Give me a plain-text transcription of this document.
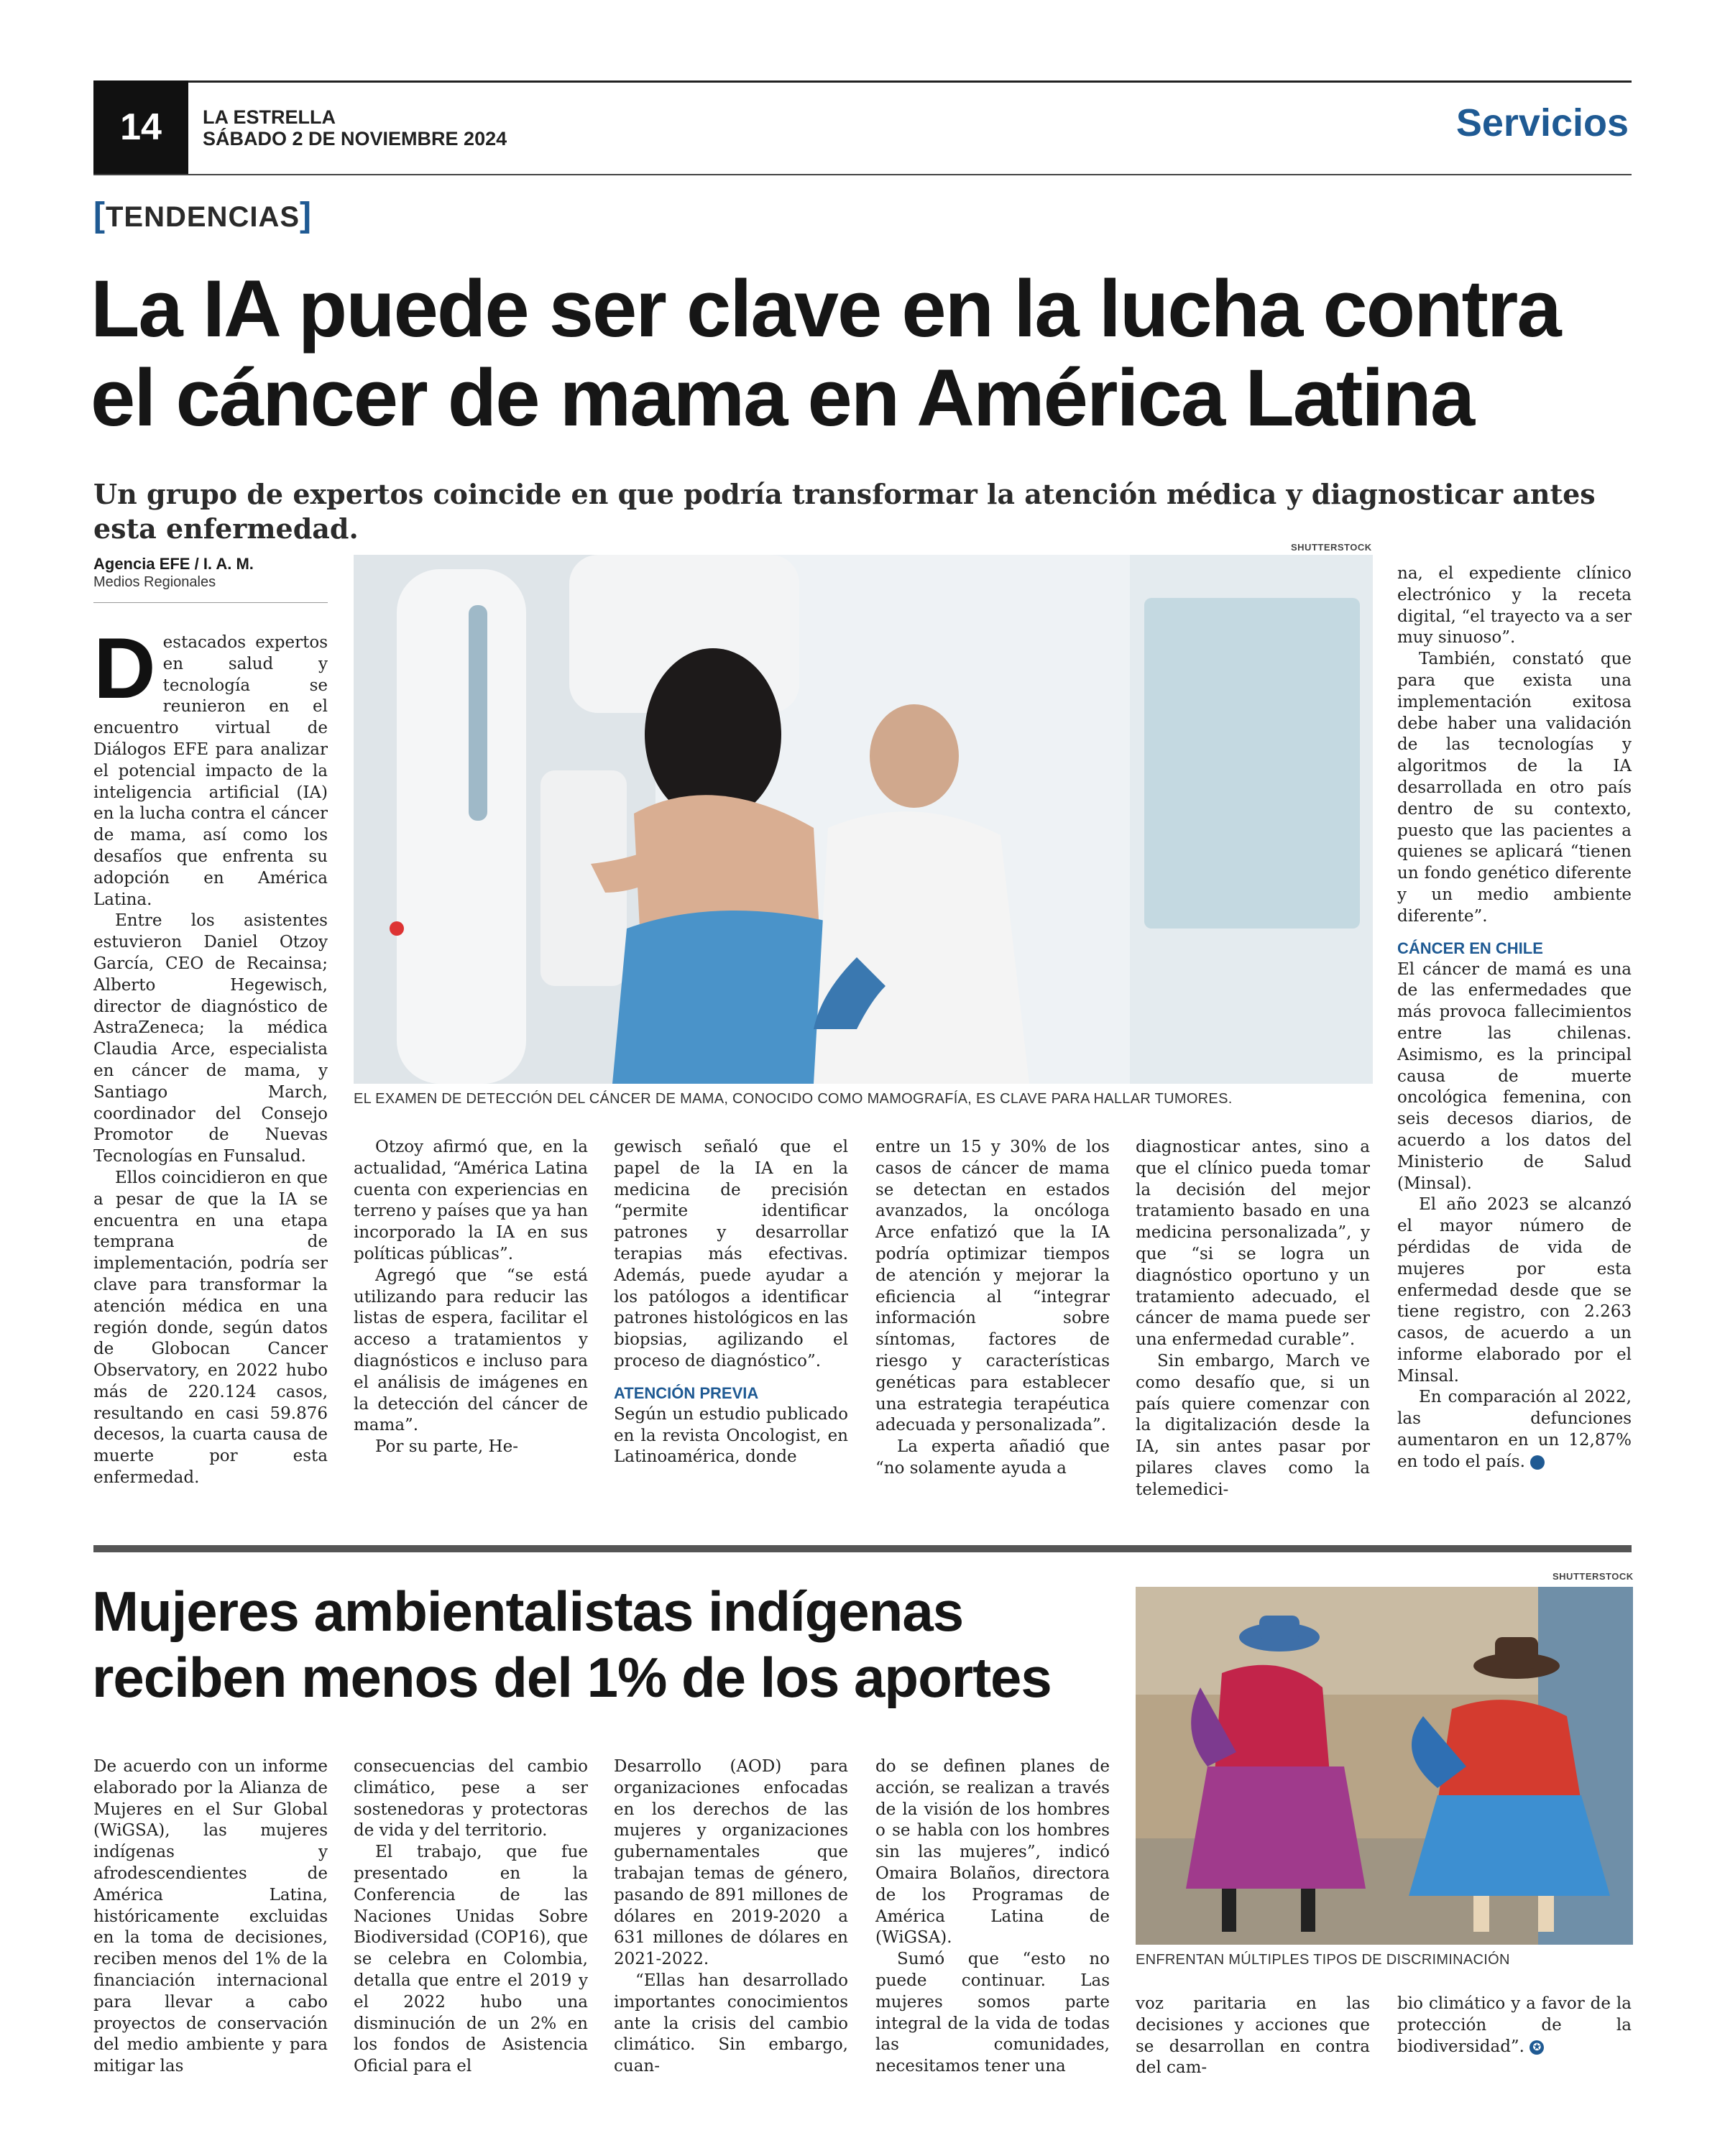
14	LA ESTRELLA
SÁBADO 2 DE NOVIEMBRE 2024	Servicios
[TENDENCIAS]
La IA puede ser clave en la lucha contra
el cáncer de mama en América Latina
Un grupo de expertos coincide en que podría transformar la atención médica y diagnosticar antes esta enfermedad.
Agencia EFE / I. A. M.
Medios Regionales

Destacados expertos en salud y tecnología se reunieron en el encuentro virtual de Diálogos EFE para analizar el potencial impacto de la inteligencia artificial (IA) en la lucha contra el cáncer de mama, así como los desafíos que enfrenta su adopción en América Latina.

Entre los asistentes estuvieron Daniel Otzoy García, CEO de Recainsa; Alberto Hegewisch, director de diagnóstico de AstraZeneca; la médica Claudia Arce, especialista en cáncer de mama, y Santiago March, coordinador del Consejo Promotor de Nuevas Tecnologías en Funsalud.

Ellos coincidieron en que a pesar de que la IA se encuentra en una etapa temprana de implementación, podría ser clave para transformar la atención médica en una región donde, según datos de Globocan Cancer Observatory, en 2022 hubo más de 220.124 casos, resultando en casi 59.876 decesos, la cuarta causa de muerte por esta enfermedad.

SHUTTERSTOCK
EL EXAMEN DE DETECCIÓN DEL CÁNCER DE MAMA, CONOCIDO COMO MAMOGRAFÍA, ES CLAVE PARA HALLAR TUMORES.

Otzoy afirmó que, en la actualidad, “América Latina cuenta con experiencias en terreno y países que ya han incorporado la IA en sus políticas públicas”.

Agregó que “se está utilizando para reducir las listas de espera, facilitar el acceso a tratamientos y diagnósticos e incluso para el análisis de imágenes en la detección del cáncer de mama”.

Por su parte, He-

gewisch señaló que el papel de la IA en la medicina de precisión “permite identificar patrones y desarrollar terapias más efectivas. Además, puede ayudar a los patólogos a identificar patrones histológicos en las biopsias, agilizando el proceso de diagnóstico”.

ATENCIÓN PREVIA

Según un estudio publicado en la revista Oncologist, en Latinoamérica, donde

entre un 15 y 30% de los casos de cáncer de mama se detectan en estados avanzados, la oncóloga Arce enfatizó que la IA podría optimizar tiempos de atención y mejorar la eficiencia al “integrar información sobre síntomas, factores de riesgo y características genéticas para establecer una estrategia terapéutica adecuada y personalizada”.

La experta añadió que “no solamente ayuda a

diagnosticar antes, sino a que el clínico pueda tomar la decisión del mejor tratamiento basado en una medicina personalizada”, y que “si se logra un diagnóstico oportuno y un tratamiento adecuado, el cáncer de mama puede ser una enfermedad curable”.

Sin embargo, March ve como desafío que, si un país quiere comenzar con la digitalización desde la IA, sin antes pasar por pilares claves como la telemedici-

na, el expediente clínico electrónico y la receta digital, “el trayecto va a ser muy sinuoso”.

También, constató que para que exista una implementación exitosa debe haber una validación de las tecnologías y algoritmos de la IA desarrollada en otro país dentro de su contexto, puesto que las pacientes a quienes se aplicará “tienen un fondo genético diferente y un medio ambiente diferente”.

CÁNCER EN CHILE

El cáncer de mamá es una de las enfermedades que más provoca fallecimientos entre las chilenas. Asimismo, es la principal causa de muerte oncológica femenina, con seis decesos diarios, de acuerdo a los datos del Ministerio de Salud (Minsal).

El año 2023 se alcanzó el mayor número de pérdidas de vida de mujeres por esta enfermedad desde que se tiene registro, con 2.263 casos, de acuerdo a un informe elaborado por el Minsal.

En comparación al 2022, las defunciones aumentaron en un 12,87% en todo el país.	✪

Mujeres ambientalistas indígenas
reciben menos del 1% de los aportes
SHUTTERSTOCK
ENFRENTAN MÚLTIPLES TIPOS DE DISCRIMINACIÓN

De acuerdo con un informe elaborado por la Alianza de Mujeres en el Sur Global (WiGSA), las mujeres indígenas y afrodescendientes de América Latina, históricamente excluidas en la toma de decisiones, reciben menos del 1% de la financiación internacional para llevar a cabo proyectos de conservación del medio ambiente y para mitigar las

consecuencias del cambio climático, pese a ser sostenedoras y protectoras de vida y del territorio.

El trabajo, que fue presentado en la Conferencia de las Naciones Unidas Sobre Biodiversidad (COP16), que se celebra en Colombia, detalla que entre el 2019 y el 2022 hubo una disminución de un 2% en los fondos de Asistencia Oficial para el

Desarrollo (AOD) para organizaciones enfocadas en los derechos de las mujeres y organizaciones gubernamentales que trabajan temas de género, pasando de 891 millones de dólares en 2019-2020 a 631 millones de dólares en 2021-2022.

“Ellas han desarrollado importantes conocimientos ante la crisis del cambio climático. Sin embargo, cuan-

do se definen planes de acción, se realizan a través de la visión de los hombres o se habla con los hombres sin las mujeres”, indicó Omaira Bolaños, directora de los Programas de América Latina de (WiGSA).

Sumó que “esto no puede continuar. Las mujeres somos parte integral de la vida de todas las comunidades, necesitamos tener una

voz paritaria en las decisiones y acciones que se desarrollan en contra del cam-

bio climático y a favor de la protección de la biodiversidad”. ✪
